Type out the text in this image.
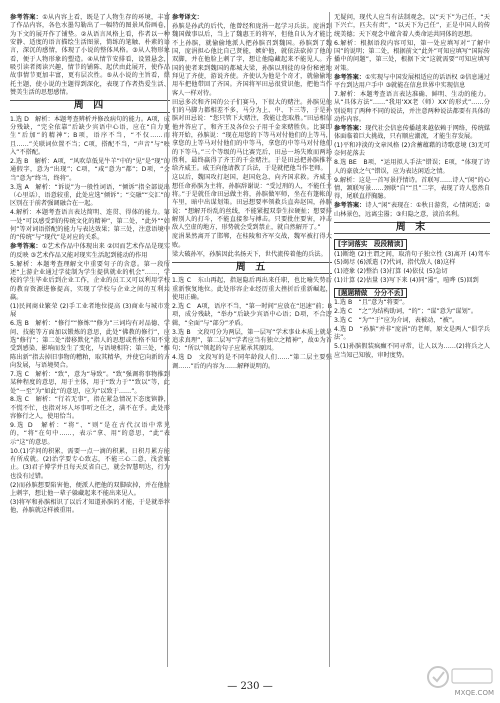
参考答案：①从内容上看，既是了人物生存的环境，丰富了作品内容，各色水墨勾勒出了一幅特的图景风俗画卷，为下文的展开作了铺垫。②从语言风格上看，作者以一种安静、适度的语言描绘生活图景，简练的笔触、朴素的语言，深沉的感情，体现了小说的整体风格。③从人物形象看，便于人物形象的塑造。④从情节安排看，设置悬念，吸引读者阅读兴趣，情节的铺陈、起伏由此展开，使作品故事情节更加丰富，更有层次性。⑤从小说的主旨看，烘托主题，使小说的主题得到深化，表现了作者热爱生活、赞美生活的思想感情。

周 四

1.选 D　解析：本题考查辨析并修改病句的能力。A项，成分残缺，“完全依靠”后缺少宾语中心语，应在“自力更生”后加“的精神”；B项，语序不当，“不仅……而且……”关联词位置不当；C项，搭配不当，“声音”与“映入”不搭配。

2.选 B　解析：A项，“风吹草低见牛羊”中的“见”是“现”的通假字，意为“出现”；C项，“咸”意为“都”；D项，“会当”意为“终当，终将”。

3.选 A　解析：“诉说”为一般性词语，“倾诉”指全部说出（心里话），语意较重，此处应选“倾诉”；“交融”“交汇”的区别在于前者强调融合在一起。

4.解析：本题考查语言表达简明、连贯、得体的能力。第一处“可以感受到的传统文化的精神”，第二处，“此外”“如何”等对词语搭配的能力与表达效果；第三处，注意语境中的“传统”与“现代”是对应的关系。

参考答案：①艺术作品中体现出来 ②因而艺术作品是现实的反映 ③艺术作品又能对现实生活起到能动的作用

5.解析：本题考查理解文中重要句子的含意。第一段所述“上游企业通过学徒制为学生提供就业的机会”……，学校的学生毕业后到企业工作，企业的员工又可以利用学校的教育资源进修提高，实现了学校与企业之间的互利共赢。

(1)民间商业繁荣 (2)手工业者地位提高 (3)商业与城市发展

6.选 B　解析：“修行”“修炼”“修为”三词均有对品德、学问、技能等方面加以锻炼的意思，此处“佛教的修行”，应选“修行”；第二处“潜移默化”指人的思想或性格不知不觉受到感染、影响而发生了变化，与语境相符；第三处，“推陈出新”指去掉旧事物的糟粕，取其精华，并使它向新的方向发展，与语境契合。

7.选 C　解析：“致”，意为“导致”。“致”强调将事物推到某种程度的意思，用于主体，用于“致力于”“致以”等，此处“一至”为“如此”的意思，应为“以致于……”。

8.选 C　解析：“行若无事”，指在紧急情况下态度镇静，不慌不忙，也指对坏人坏事听之任之，满不在乎。此处形容修行之人，使用恰当。

9.选 D　解析：“将”、“则”是在古代汉语中常见的，“将”在句中……，表示“拿、用”的意思，“此”表示“这”的意思。

10.(1)学问的积累，需要一点一滴的积累，日积月累方能有所成就。(2)治学要专心致志，不能三心二意，浅尝辄止。(3)君子博学并且每天反省自己，就会智慧明达，行为也没有过错。

(2)而孙膑想要陷害他，便派人把他的双脚砍掉，并在他脸上刺字，想让他一辈子躲藏起来不能出来见人。

(3)将军和孙膑相识了以后才知道孙膑的才能，于是就举荐他，孙膑就这样被重用。

参考译文：

孙膑是孙武的后代，他曾经和庞涓一起学习兵法。庞涓到魏国做事以后，当上了魏惠王的将军，但他自认为才能比不上孙膑，就偷偷地派人把孙膑召到魏国。孙膑到了魏国，庞涓担心他比自己贤能，嫉妒他，就依法砍掉了他的双脚，并在他脸上刺了字，想让他隐藏起来不能见人。齐国的使者来到魏国的都城大梁，孙膑以刑徒的身份秘密地拜见了齐使，游说齐使。齐使认为他是个奇才，就偷偷地用车把他带回了齐国。齐国将军田忌很赏识他，把他当作客人一样对待。

田忌多次和齐国的公子们赛马，下很大的赌注。孙膑见他们的马脚力都相差不多，马分为上、中、下三等，于是孙膑对田忌说：“您只管下大赌注，我能让您取胜。”田忌相信他并答应了，和齐王及各位公子用千金来赌胜负。比赛即将开始，孙膑说：“现在用您的下等马对付他们的上等马，拿您的上等马对付他们的中等马，拿您的中等马对付他们的下等马。”三个等级的马比赛完后，田忌一场失败而两场胜利，最终赢得了齐王的千金赌注。于是田忌把孙膑推荐给齐威王。威王向他请教了兵法，于是就把他当作老师。

这以后，魏国攻打赵国，赵国危急，向齐国求救。齐威王想任命孙膑为主将，孙膑辞谢说：“受过刑的人，不能任主将。”于是就任命田忌做主将，孙膑做军师，坐在有篷帐的车里，暗中出谋划策。田忌想要率领救兵直奔赵国，孙膑说：“想解开纷乱的丝线，不能紧握双拳生拉硬扯；想要排解别人的打斗，不能直接参与搏击。只要批住要害，冲击敌人空虚的地方，形势就会受到禁止，就自然解开了。”

庞涓果然离开了邯郸，在桂陵和齐军交战，魏军被打得大败。

梁大破孙军，孙膑因此名扬天下，世代流传着他的兵法。

周 五

1.选 C　东山再起，指退隐后再出来任职，也比喻失势后重新恢复地位。此处形容企业经历重大挫折后重新崛起，使用正确。

2.选 C　A项，语序不当，“第一时间”应放在“迅速”前；B项，成分残缺，“举办”后缺少宾语中心语；D项，不合逻辑，“全面”与“部分”矛盾。

3.选 B　文段可分为两层，第一层写“学术事业本质上就是追求真理”，第二层写“学者应当有独立之精神”，故①为首句；“所以”领起的句子应紧承其原因。

4.选 D　文段写的是不同年龄段人们……“第二层主要强调……”后的内容为……解释说明的。

无疑问，现代人应当有法制观念，以“天下”为己任，“天下兴亡，匹夫有责”，“以天下为己任”，正是中国人的传统美德；天下观念中蕴含着人类命运共同体的思想。

6.解析：根据语段内容可知，第一处应填写对“了解中国”的说明；第二处，根据前文“此外”可知应填写“国际传播中的问题”，第三处，根据下文“这就需要”可知应填写对策。

参考答案：①实现与中国发展相适应的话语权 ②信息通过平台到达用户手中 ③就能在信息世界中实现信息

7.解析：本题考查语言表达准确、鲜明、生动的能力。从“具体方法”……“我用‘XX老（师）XX’的形式”……分别说明了两种不同的说法，并注意两种说法都要有具体的动作内容。

参考答案：现代社会信息传播越来越依赖于网络，传统媒体面临着巨大挑战，只有顺应潮流，才能生存发展。

(1)平和冲淡的文章风格 (2)含蓄蕴藉的诗歌意境 (3)无可奈何花落去

8.选 BE　B项，“运用拟人手法”错误；E项，“体现了诗人的豪放之气”错误，应为表达闲适之情。

9.解析：这是一首写景抒情诗。首联写……诗人“闲”的心情，颔联写景……颈联“自”“且”二字，表现了诗人悠然自得，尾联直抒胸臆。

参考答案：诗人“闲”表现在：①秋日游赏，心情闲适；②山林景色，远离尘嚣；③归隐之意，淡泊名利。

周 末
[字词落实　段段精读]

(1)断绝 (2)主谓之间，取消句子独立性 (3)离开 (4)驾车 (5)竭尽 (6)派遣 (7)代词，指代敌人 (8)这样

(1)迹象 (2)整治 (3)打算 (4)依仗 (5)急切

(1)计算 (2)估量 (3)写下来 (4)同“嚣”，喧哗 (5)回到

[题题精做　分分不丢]

1.选 B　“且”意为“将要”。

2.选 C　“之”为结构助词，“的”；“谋”意为“谋划”。

3.选 C　“为”“于”应为介词，表被动，“被”。

4.选 D　“孙膑”并非“庞涓”的老师，原文是两人“俱学兵法”。

5.(1)孙膑假装疯癫不同寻常，让人以为……(2)将兵之人应当知己知彼，审时度势。

— 230 —
MXQE.COM
